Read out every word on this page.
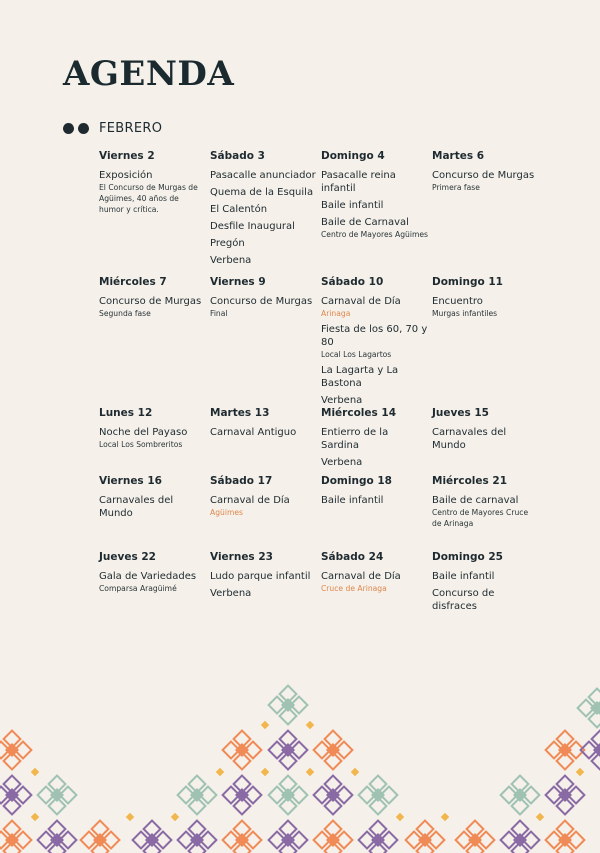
AGENDA
FEBRERO
Viernes 2
Exposición
El Concurso de Murgas de Agüimes, 40 años de humor y crítica.
Sábado 3
Pasacalle anunciador
Quema de la Esquila
El Calentón
Desfile Inaugural
Pregón
Verbena
Domingo 4
Pasacalle reina infantil
Baile infantil
Baile de Carnaval
Centro de Mayores Agüimes
Martes 6
Concurso de Murgas
Primera fase
Miércoles 7
Concurso de Murgas
Segunda fase
Viernes 9
Concurso de Murgas
Final
Sábado 10
Carnaval de Día
Arinaga
Fiesta de los 60, 70 y 80
Local Los Lagartos
La Lagarta y La Bastona
Verbena
Domingo 11
Encuentro
Murgas infantiles
Lunes 12
Noche del Payaso
Local Los Sombreritos
Martes 13
Carnaval Antiguo
Miércoles 14
Entierro de la Sardina
Verbena
Jueves 15
Carnavales del Mundo
Viernes 16
Carnavales del Mundo
Sábado 17
Carnaval de Día
Agüimes
Domingo 18
Baile infantil
Miércoles 21
Baile de carnaval
Centro de Mayores Cruce de Arinaga
Jueves 22
Gala de Variedades
Comparsa Aragüimé
Viernes 23
Ludo parque infantil
Verbena
Sábado 24
Carnaval de Día
Cruce de Arinaga
Domingo 25
Baile infantil
Concurso de disfraces
